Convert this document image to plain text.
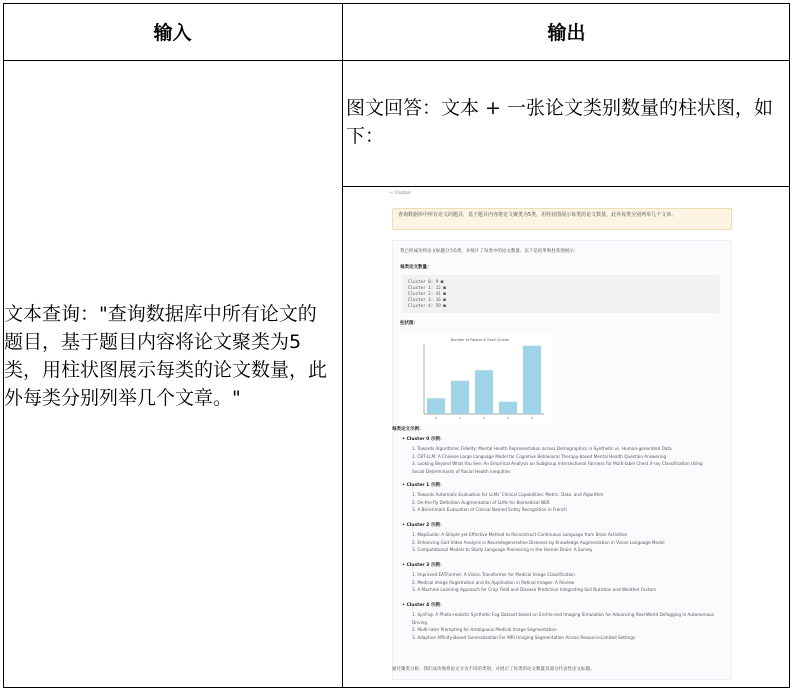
输入	输出
文本查询："查询数据库中所有论文的题目，基于题目内容将论文聚类为5类，用柱状图展示每类的论文数量，此外每类分别列举几个文章。"
图文回答：文本 + 一张论文类别数量的柱状图，如下：
← Chatbot
查询数据库中所有论文的题目，基于题目内容将论文聚类为5类，用柱状图展示每类的论文数量，此外每类分别列举几个文章。
我已经成功将论文标题分为5类，并统计了每类中的论文数量。以下是结果和柱状图展示：
每类论文数量：
Cluster 0: 9 ■
Cluster 1: 12 ■
Cluster 2: 41 ■
Cluster 3: 16 ■
Cluster 4: 59 ■
柱状图：
每类论文示例：
• Cluster 0 示例：
1. Towards Algorithmic Fidelity: Mental Health Representation across Demographics in Synthetic vs. Human-generated Data
2. CBT-LLM: A Chinese Large Language Model for Cognitive Behavioral Therapy-based Mental Health Question Answering
3. Looking Beyond What You See: An Empirical Analysis on Subgroup Intersectional Fairness for Multi-label Chest X-ray Classification Using
Social Determinants of Racial Health Inequities
• Cluster 1 示例：
1. Towards Automatic Evaluation for LLMs' Clinical Capabilities: Metric, Data, and Algorithm
2. On-the-fly Definition Augmentation of LLMs for Biomedical NER
3. A Benchmark Evaluation of Clinical Named Entity Recognition in French
• Cluster 2 示例：
1. MapGuide: A Simple yet Effective Method to Reconstruct Continuous Language from Brain Activities
2. Enhancing Gait Video Analysis in Neurodegenerative Diseases by Knowledge Augmentation in Vision Language Model
3. Computational Models to Study Language Processing in the Human Brain: A Survey
• Cluster 3 示例：
1. Improved EATFormer: A Vision Transformer for Medical Image Classification
2. Medical Image Registration and Its Application in Retinal Images: A Review
3. A Machine Learning Approach for Crop Yield and Disease Prediction Integrating Soil Nutrition and Weather Factors
• Cluster 4 示例：
1. SynFog: A Photo-realistic Synthetic Fog Dataset based on End-to-end Imaging Simulation for Advancing Real-World Defogging in Autonomous
Driving
2. Multi-rater Prompting for Ambiguous Medical Image Segmentation
3. Adaptive Affinity-Based Generalization For MRI Imaging Segmentation Across Resource-Limited Settings
通过聚类分析，我们成功地将论文分为不同的类别，并展示了每类的论文数量及部分代表性论文标题。
Number of Papers in Each Cluster
0	1	2	3	4
